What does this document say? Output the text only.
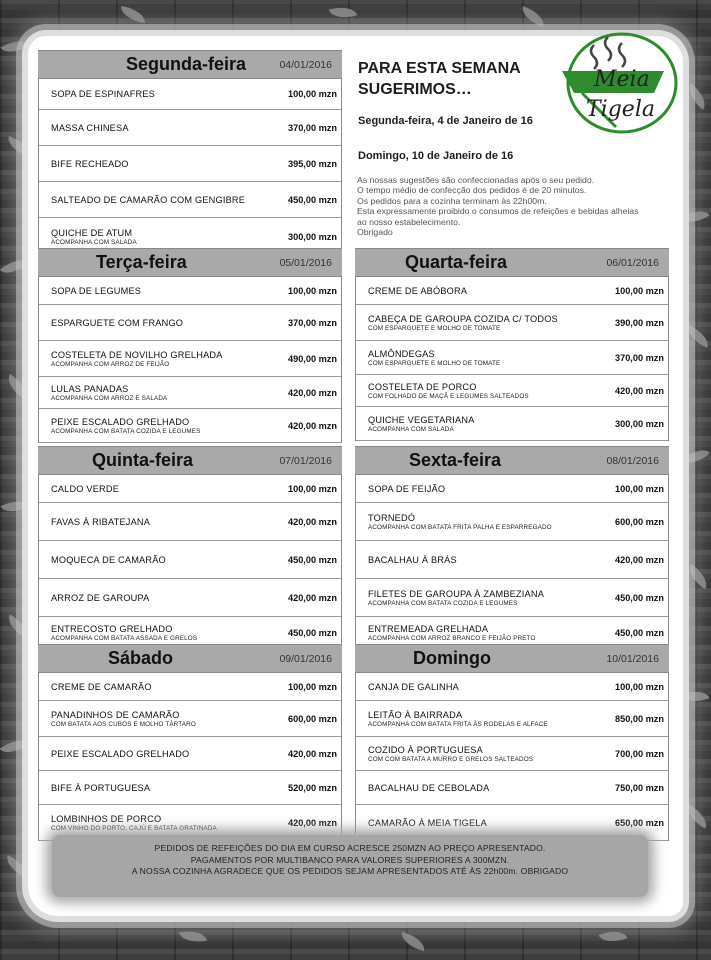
Meia
Tigela
PARA ESTA SEMANA
SUGERIMOS…
Segunda-feira, 4 de Janeiro de 16
Domingo, 10 de Janeiro de 16
As nossas sugestões são confeccionadas após o seu pedido.
O tempo médio de confecção dos pedidos é de 20 minutos.
Os pedidos para a cozinha terminam às 22h00m.
Esta expressamente proibido o consumos de refeições e bebidas alheias
ao nosso estabelecimento.
Obrigado
Segunda-feira	04/01/2016
SOPA DE ESPINAFRES	100,00 mzn
MASSA CHINESA	370,00 mzn
BIFE RECHEADO	395,00 mzn
SALTEADO DE CAMARÃO COM GENGIBRE	450,00 mzn
QUICHE DE ATUM
ACOMPANHA COM SALADA
300,00 mzn
Terça-feira	05/01/2016
SOPA DE LEGUMES	100,00 mzn
ESPARGUETE COM FRANGO	370,00 mzn
COSTELETA DE NOVILHO GRELHADA
ACOMPANHA COM ARROZ DE FEIJÃO
490,00 mzn
LULAS PANADAS
ACOMPANHA COM ARROZ E SALADA
420,00 mzn
PEIXE ESCALADO GRELHADO
ACOMPANHA COM BATATA COZIDA E LEGUMES
420,00 mzn
Quarta-feira	06/01/2016
CREME DE ABÓBORA	100,00 mzn
CABEÇA DE GAROUPA COZIDA C/ TODOS
COM ESPARGUETE E MOLHO DE TOMATE
390,00 mzn
ALMÔNDEGAS
COM ESPARGUETE E MOLHO DE TOMATE
370,00 mzn
COSTELETA DE PORCO
COM FOLHADO DE MAÇÃ E LEGUMES SALTEADOS
420,00 mzn
QUICHE VEGETARIANA
ACOMPANHA COM SALADA
300,00 mzn
Quinta-feira	07/01/2016
CALDO VERDE	100,00 mzn
FAVAS À RIBATEJANA	420,00 mzn
MOQUECA DE CAMARÃO	450,00 mzn
ARROZ DE GAROUPA	420,00 mzn
ENTRECOSTO GRELHADO
ACOMPANHA COM BATATA ASSADA E GRELOS
450,00 mzn
Sexta-feira	08/01/2016
SOPA DE FEIJÃO	100,00 mzn
TORNEDÓ
ACOMPANHA COM BATATA FRITA PALHA E ESPARREGADO
600,00 mzn
BACALHAU À BRÁS	420,00 mzn
FILETES DE GAROUPA À ZAMBEZIANA
ACOMPANHA COM BATATA COZIDA E LEGUMES
450,00 mzn
ENTREMEADA GRELHADA
ACOMPANHA COM ARROZ BRANCO E FEIJÃO PRETO
450,00 mzn
Sábado	09/01/2016
CREME DE CAMARÃO	100,00 mzn
PANADINHOS DE CAMARÃO
COM BATATA AOS CUBOS E MOLHO TÁRTARO
600,00 mzn
PEIXE ESCALADO GRELHADO	420,00 mzn
BIFE À PORTUGUESA	520,00 mzn
LOMBINHOS DE PORCO
COM VINHO DO PORTO, CAJÚ E BATATA GRATINADA
420,00 mzn
Domingo	10/01/2016
CANJA DE GALINHA	100,00 mzn
LEITÃO À BAIRRADA
ACOMPANHA COM BATATA FRITA ÀS RODELAS E ALFACE
850,00 mzn
COZIDO À PORTUGUESA
COM COM BATATA A MURRO E GRELOS SALTEADOS
700,00 mzn
BACALHAU DE CEBOLADA	750,00 mzn
CAMARÃO À MEIA TIGELA	650,00 mzn
PEDIDOS DE REFEIÇÕES DO DIA EM CURSO ACRESCE 250MZN AO PREÇO APRESENTADO.
PAGAMENTOS POR MULTIBANCO PARA VALORES SUPERIORES A 300MZN.
A NOSSA COZINHA AGRADECE QUE OS PEDIDOS SEJAM APRESENTADOS ATÉ ÀS 22h00m. OBRIGADO
